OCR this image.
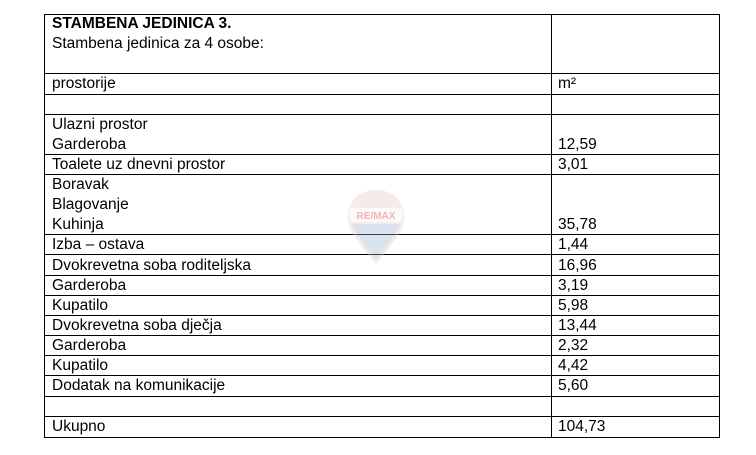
RE/MAX
STAMBENA JEDINICA 3.
Stambena jedinica za 4 osobe:
prostorije	m²
Ulazni prostor
Garderoba	12,59
Toalete uz dnevni prostor	3,01
Boravak
Blagovanje
Kuhinja	35,78
Izba – ostava	1,44
Dvokrevetna soba roditeljska	16,96
Garderoba	3,19
Kupatilo	5,98
Dvokrevetna soba dječja	13,44
Garderoba	2,32
Kupatilo	4,42
Dodatak na komunikacije	5,60
Ukupno	104,73
